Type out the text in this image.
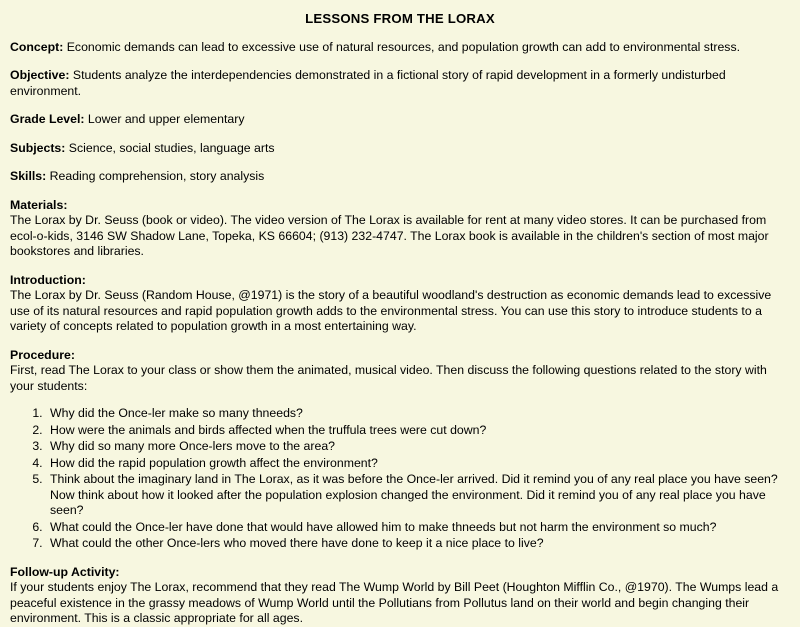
LESSONS FROM THE LORAX
Concept: Economic demands can lead to excessive use of natural resources, and population growth can add to environmental stress.
Objective: Students analyze the interdependencies demonstrated in a fictional story of rapid development in a formerly undisturbed environment.
Grade Level: Lower and upper elementary
Subjects: Science, social studies, language arts
Skills: Reading comprehension, story analysis
Materials:
The Lorax by Dr. Seuss (book or video). The video version of The Lorax is available for rent at many video stores. It can be purchased from ecol-o-kids, 3146 SW Shadow Lane, Topeka, KS 66604; (913) 232-4747. The Lorax book is available in the children's section of most major bookstores and libraries.
Introduction:
The Lorax by Dr. Seuss (Random House, @1971) is the story of a beautiful woodland's destruction as economic demands lead to excessive use of its natural resources and rapid population growth adds to the environmental stress. You can use this story to introduce students to a variety of concepts related to population growth in a most entertaining way.
Procedure:
First, read The Lorax to your class or show them the animated, musical video. Then discuss the following questions related to the story with your students:
1. Why did the Once-ler make so many thneeds?
2. How were the animals and birds affected when the truffula trees were cut down?
3. Why did so many more Once-lers move to the area?
4. How did the rapid population growth affect the environment?
5. Think about the imaginary land in The Lorax, as it was before the Once-ler arrived. Did it remind you of any real place you have seen? Now think about how it looked after the population explosion changed the environment. Did it remind you of any real place you have seen?
6. What could the Once-ler have done that would have allowed him to make thneeds but not harm the environment so much?
7. What could the other Once-lers who moved there have done to keep it a nice place to live?
Follow-up Activity:
If your students enjoy The Lorax, recommend that they read The Wump World by Bill Peet (Houghton Mifflin Co., @1970). The Wumps lead a peaceful existence in the grassy meadows of Wump World until the Pollutians from Pollutus land on their world and begin changing their environment. This is a classic appropriate for all ages.
